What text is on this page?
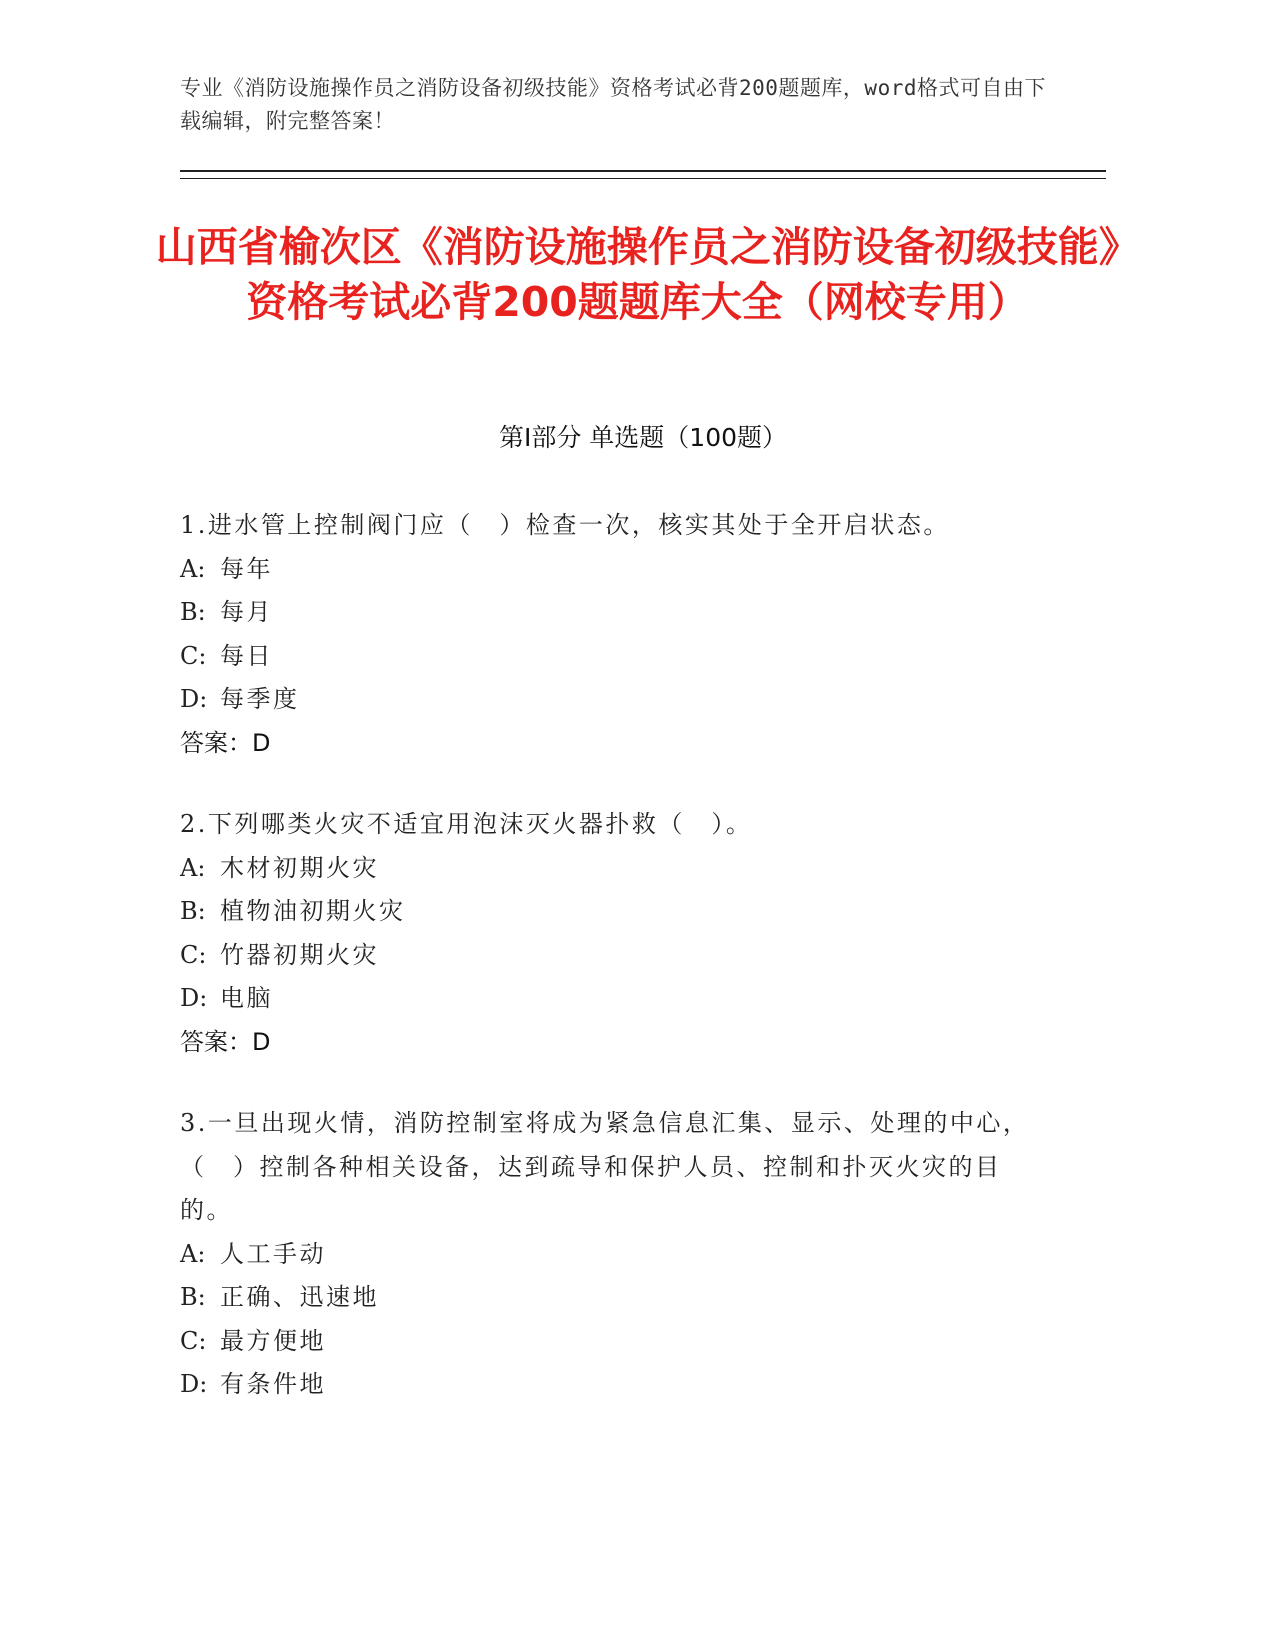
专业《消防设施操作员之消防设备初级技能》资格考试必背200题题库，word格式可自由下载编辑，附完整答案！
山西省榆次区《消防设施操作员之消防设备初级技能》资格考试必背200题题库大全（网校专用）
第Ⅰ部分 单选题（100题）
1.进水管上控制阀门应（　）检查一次，核实其处于全开启状态。
A: 每年
B: 每月
C: 每日
D: 每季度
答案：D
2.下列哪类火灾不适宜用泡沫灭火器扑救（　）。
A: 木材初期火灾
B: 植物油初期火灾
C: 竹器初期火灾
D: 电脑
答案：D
3.一旦出现火情，消防控制室将成为紧急信息汇集、显示、处理的中心，（　）控制各种相关设备，达到疏导和保护人员、控制和扑灭火灾的目的。
A: 人工手动
B: 正确、迅速地
C: 最方便地
D: 有条件地
